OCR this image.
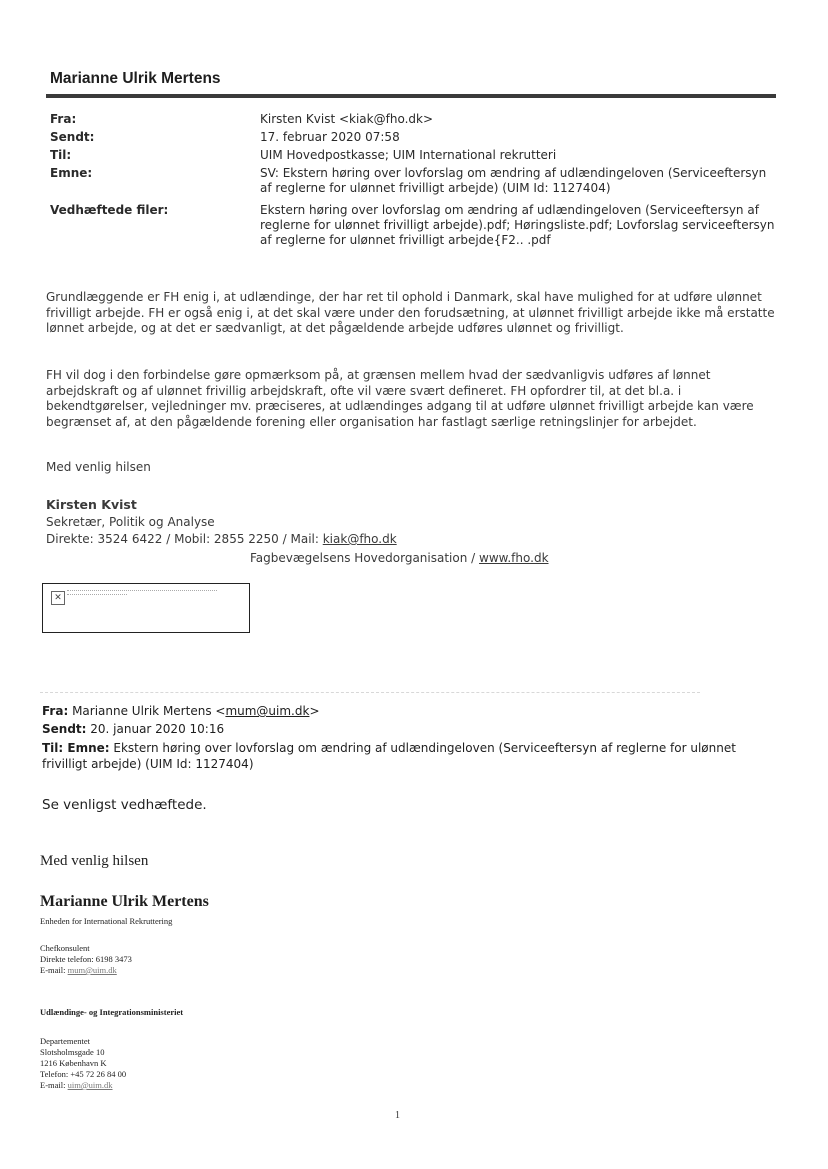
Marianne Ulrik Mertens
Fra:	Kirsten Kvist <kiak@fho.dk>
Sendt:	17. februar 2020 07:58
Til:	UIM Hovedpostkasse; UIM International rekrutteri
Emne:	SV: Ekstern høring over lovforslag om ændring af udlændingeloven (Serviceeftersyn af reglerne for ulønnet frivilligt arbejde) (UIM Id: 1127404)
Vedhæftede filer:	Ekstern høring over lovforslag om ændring af udlændingeloven (Serviceeftersyn af reglerne for ulønnet frivilligt arbejde).pdf; Høringsliste.pdf; Lovforslag serviceeftersyn af reglerne for ulønnet frivilligt arbejde{F2.. .pdf
Grundlæggende er FH enig i, at udlændinge, der har ret til ophold i Danmark, skal have mulighed for at udføre ulønnet frivilligt arbejde. FH er også enig i, at det skal være under den forudsætning, at ulønnet frivilligt arbejde ikke må erstatte lønnet arbejde, og at det er sædvanligt, at det pågældende arbejde udføres ulønnet og frivilligt.
FH vil dog i den forbindelse gøre opmærksom på, at grænsen mellem hvad der sædvanligvis udføres af lønnet arbejdskraft og af ulønnet frivillig arbejdskraft, ofte vil være svært defineret. FH opfordrer til, at det bl.a. i bekendtgørelser, vejledninger mv. præciseres, at udlændinges adgang til at udføre ulønnet frivilligt arbejde kan være begrænset af, at den pågældende forening eller organisation har fastlagt særlige retningslinjer for arbejdet.
Med venlig hilsen
Kirsten Kvist
Sekretær, Politik og Analyse
Direkte: 3524 6422 / Mobil: 2855 2250 / Mail: kiak@fho.dk
Fagbevægelsens Hovedorganisation / www.fho.dk
✕
Fra: Marianne Ulrik Mertens <mum@uim.dk>
Sendt: 20. januar 2020 10:16
Til: Emne: Ekstern høring over lovforslag om ændring af udlændingeloven (Serviceeftersyn af reglerne for ulønnet frivilligt arbejde) (UIM Id: 1127404)
Se venligst vedhæftede.
Med venlig hilsen
Marianne Ulrik Mertens
Enheden for International Rekruttering
Chefkonsulent
Direkte telefon: 6198 3473
E-mail: mum@uim.dk
Udlændinge- og Integrationsministeriet
Departementet
Slotsholmsgade 10
1216 København K
Telefon: +45 72 26 84 00
E-mail: uim@uim.dk
1
